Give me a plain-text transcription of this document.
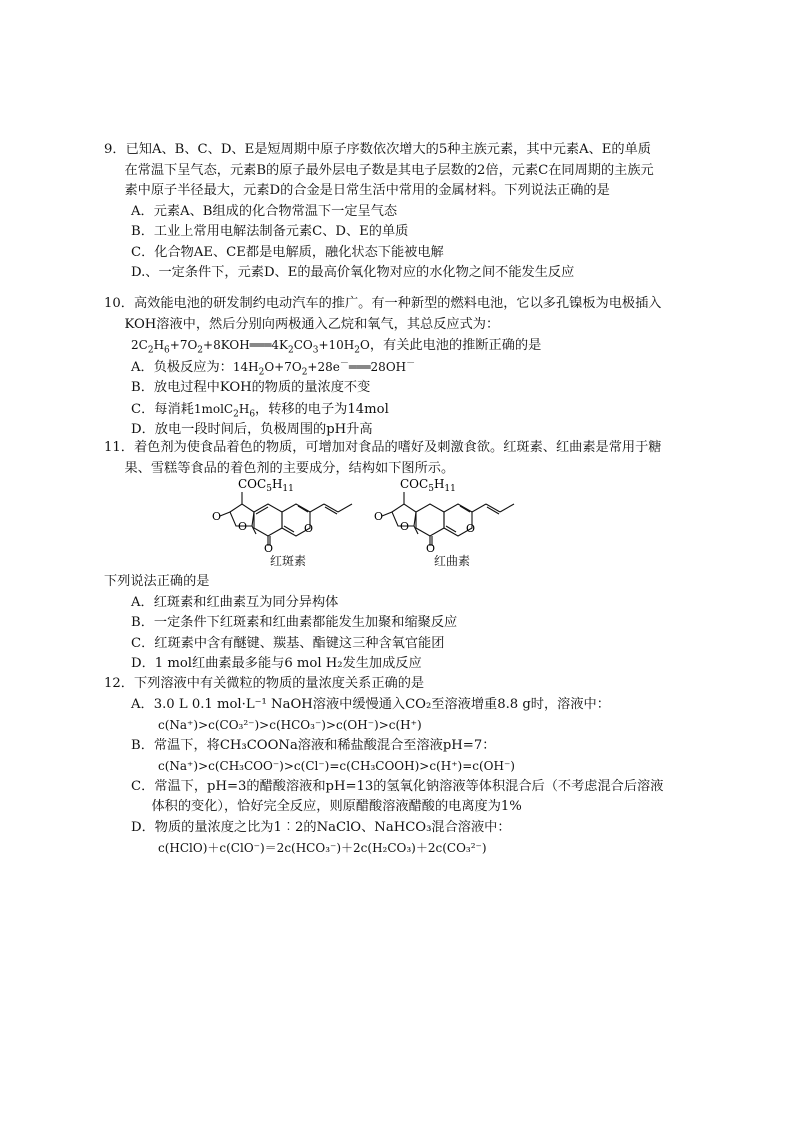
9．已知A、B、C、D、E是短周期中原子序数依次增大的5种主族元素，其中元素A、E的单质在常温下呈气态，元素B的原子最外层电子数是其电子层数的2倍，元素C在同周期的主族元素中原子半径最大，元素D的合金是日常生活中常用的金属材料。下列说法正确的是

A．元素A、B组成的化合物常温下一定呈气态

B．工业上常用电解法制备元素C、D、E的单质

C．化合物AE、CE都是电解质，融化状态下能被电解

D.、一定条件下，元素D、E的最高价氧化物对应的水化物之间不能发生反应

10．高效能电池的研发制约电动汽车的推广。有一种新型的燃料电池，它以多孔镍板为电极插入KOH溶液中，然后分别向两极通入乙烷和氧气，其总反应式为：

$2C_2H_6+7O_2+8KOH═══4K_2CO_3+10H_2O$，有关此电池的推断正确的是

A．负极反应为：$14H_2O+7O_2+28e^-═══28OH^-$

B．放电过程中KOH的物质的量浓度不变

C．每消耗$1molC_2H_6$，转移的电子为14mol

D．放电一段时间后，负极周围的pH升高

11．着色剂为使食品着色的物质，可增加对食品的嗜好及刺激食欲。红斑素、红曲素是常用于糖果、雪糕等食品的着色剂的主要成分，结构如下图所示。

$COC_5H_{11}$
O
O
O
O
红斑素
$COC_5H_{11}$
O
O
O
O
红曲素

下列说法正确的是

A．红斑素和红曲素互为同分异构体

B．一定条件下红斑素和红曲素都能发生加聚和缩聚反应

C．红斑素中含有醚键、羰基、酯键这三种含氧官能团

D．1 mol红曲素最多能与6 mol H₂发生加成反应

12．下列溶液中有关微粒的物质的量浓度关系正确的是

A．3.0 L 0.1 mol·L⁻¹ NaOH溶液中缓慢通入CO₂至溶液增重8.8 g时，溶液中：

c(Na⁺)>c(CO₃²⁻)>c(HCO₃⁻)>c(OH⁻)>c(H⁺)

B．常温下，将CH₃COONa溶液和稀盐酸混合至溶液pH=7：

c(Na⁺)>c(CH₃COO⁻)>c(Cl⁻)=c(CH₃COOH)>c(H⁺)=c(OH⁻)

C．常温下，pH=3的醋酸溶液和pH=13的氢氧化钠溶液等体积混合后（不考虑混合后溶液体积的变化），恰好完全反应，则原醋酸溶液醋酸的电离度为1%

D．物质的量浓度之比为1︰2的NaClO、NaHCO₃混合溶液中：

c(HClO)＋c(ClO⁻)＝2c(HCO₃⁻)＋2c(H₂CO₃)＋2c(CO₃²⁻)
